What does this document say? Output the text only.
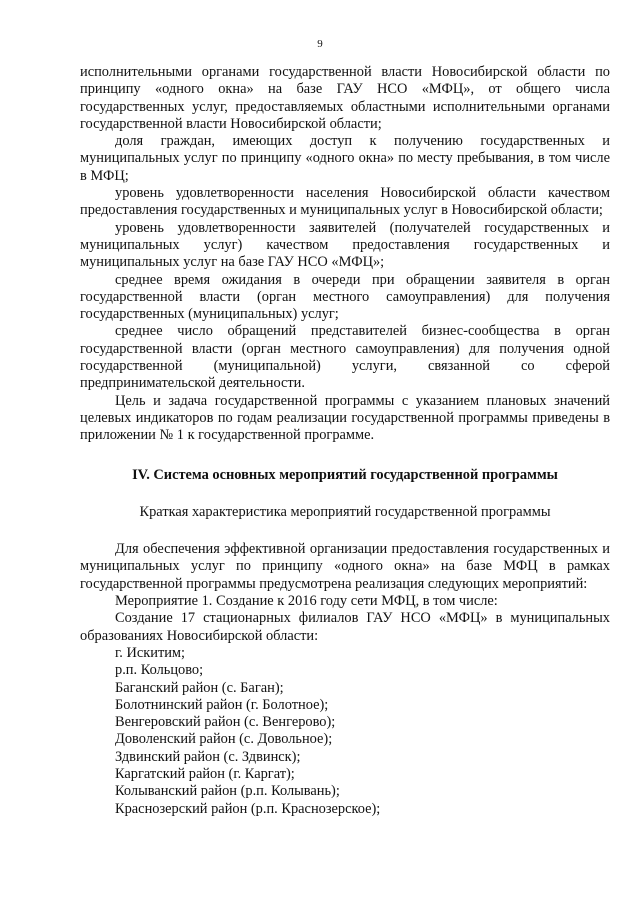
9

исполнительными органами государственной власти Новосибирской области по принципу «одного окна» на базе ГАУ НСО «МФЦ», от общего числа государственных услуг, предоставляемых областными исполнительными органами государственной власти Новосибирской области;

доля граждан, имеющих доступ к получению государственных и муниципальных услуг по принципу «одного окна» по месту пребывания, в том числе в МФЦ;

уровень удовлетворенности населения Новосибирской области качеством предоставления государственных и муниципальных услуг в Новосибирской области;

уровень удовлетворенности заявителей (получателей государственных и муниципальных услуг) качеством предоставления государственных и муниципальных услуг на базе ГАУ НСО «МФЦ»;

среднее время ожидания в очереди при обращении заявителя в орган государственной власти (орган местного самоуправления) для получения государственных (муниципальных) услуг;

среднее число обращений представителей бизнес-сообщества в орган государственной власти (орган местного самоуправления) для получения одной государственной (муниципальной) услуги, связанной со сферой предпринимательской деятельности.

Цель и задача государственной программы с указанием плановых значений целевых индикаторов по годам реализации государственной программы приведены в приложении № 1 к государственной программе.

IV. Система основных мероприятий государственной программы

Краткая характеристика мероприятий государственной программы

Для обеспечения эффективной организации предоставления государственных и муниципальных услуг по принципу «одного окна» на базе МФЦ в рамках государственной программы предусмотрена реализация следующих мероприятий:

Мероприятие 1. Создание к 2016 году сети МФЦ, в том числе:

Создание 17 стационарных филиалов ГАУ НСО «МФЦ» в муниципальных образованиях Новосибирской области:

г. Искитим;

р.п. Кольцово;

Баганский район (с. Баган);

Болотнинский район (г. Болотное);

Венгеровский район (с. Венгерово);

Доволенский район (с. Довольное);

Здвинский район (с. Здвинск);

Каргатский район (г. Каргат);

Колыванский район (р.п. Колывань);

Краснозерский район (р.п. Краснозерское);
